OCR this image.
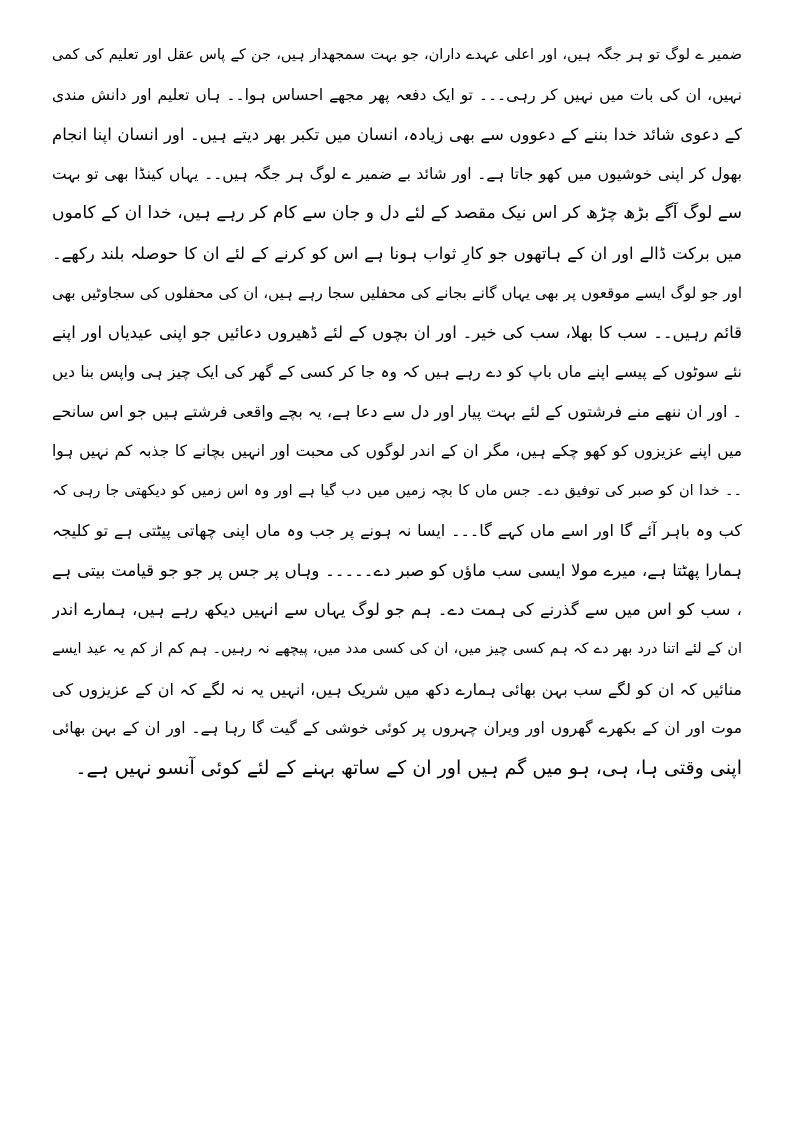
ضمیر ے لوگ تو ہر جگہ ہیں، اور اعلی عہدے داران، جو بہت سمجھدار ہیں، جن کے پاس عقل اور تعلیم کی کمی
نہیں، ان کی بات میں نہیں کر رہی۔۔۔ تو ایک دفعہ پھر مجھے احساس ہوا۔۔ ہاں تعلیم اور دانش مندی
کے دعوی شائد خدا بننے کے دعووں سے بھی زیادہ، انسان میں تکبر بھر دیتے ہیں۔ اور انسان اپنا انجام
بھول کر اپنی خوشیوں میں کھو جاتا ہے۔ اور شائد بے ضمیر ے لوگ ہر جگہ ہیں۔۔ یہاں کینڈا بھی تو بہت
سے لوگ آگے بڑھ چڑھ کر اس نیک مقصد کے لئے دل و جان سے کام کر رہے ہیں، خدا ان کے کاموں
میں برکت ڈالے اور ان کے ہاتھوں جو کارِ ثواب ہونا ہے اس کو کرنے کے لئے ان کا حوصلہ بلند رکھے۔
اور جو لوگ ایسے موقعوں پر بھی یہاں گانے بجانے کی محفلیں سجا رہے ہیں، ان کی محفلوں کی سجاوٹیں بھی
قائم رہیں۔۔ سب کا بھلا، سب کی خیر۔ اور ان بچوں کے لئے ڈھیروں دعائیں جو اپنی عیدیاں اور اپنے
نئے سوٹوں کے پیسے اپنے ماں باپ کو دے رہے ہیں کہ وہ جا کر کسی کے گھر کی ایک چیز ہی واپس بنا دیں
۔ اور ان ننھے منے فرشتوں کے لئے بہت پیار اور دل سے دعا ہے، یہ بچے واقعی فرشتے ہیں جو اس سانحے
میں اپنے عزیزوں کو کھو چکے ہیں، مگر ان کے اندر لوگوں کی محبت اور انہیں بچانے کا جذبہ کم نہیں ہوا
۔۔ خدا ان کو صبر کی توفیق دے۔ جس ماں کا بچہ زمیں میں دب گیا ہے اور وہ اس زمیں کو دیکھتی جا رہی کہ
کب وہ باہر آئے گا اور اسے ماں کہے گا۔۔۔ ایسا نہ ہونے پر جب وہ ماں اپنی چھاتی پیٹتی ہے تو کلیجہ
ہمارا پھٹتا ہے، میرے مولا ایسی سب ماؤں کو صبر دے۔۔۔۔۔ وہاں پر جس پر جو جو قیامت بیتی ہے
، سب کو اس میں سے گذرنے کی ہمت دے۔ ہم جو لوگ یہاں سے انہیں دیکھ رہے ہیں، ہمارے اندر
ان کے لئے اتنا درد بھر دے کہ ہم کسی چیز میں، ان کی کسی مدد میں، پیچھے نہ رہیں۔ ہم کم از کم یہ عید ایسے
منائیں کہ ان کو لگے سب بہن بھائی ہمارے دکھ میں شریک ہیں، انہیں یہ نہ لگے کہ ان کے عزیزوں کی
موت اور ان کے بکھرے گھروں اور ویران چہروں پر کوئی خوشی کے گیت گا رہا ہے۔ اور ان کے بہن بھائی
اپنی وقتی ہا، ہی، ہو میں گم ہیں اور ان کے ساتھ بہنے کے لئے کوئی آنسو نہیں ہے۔
